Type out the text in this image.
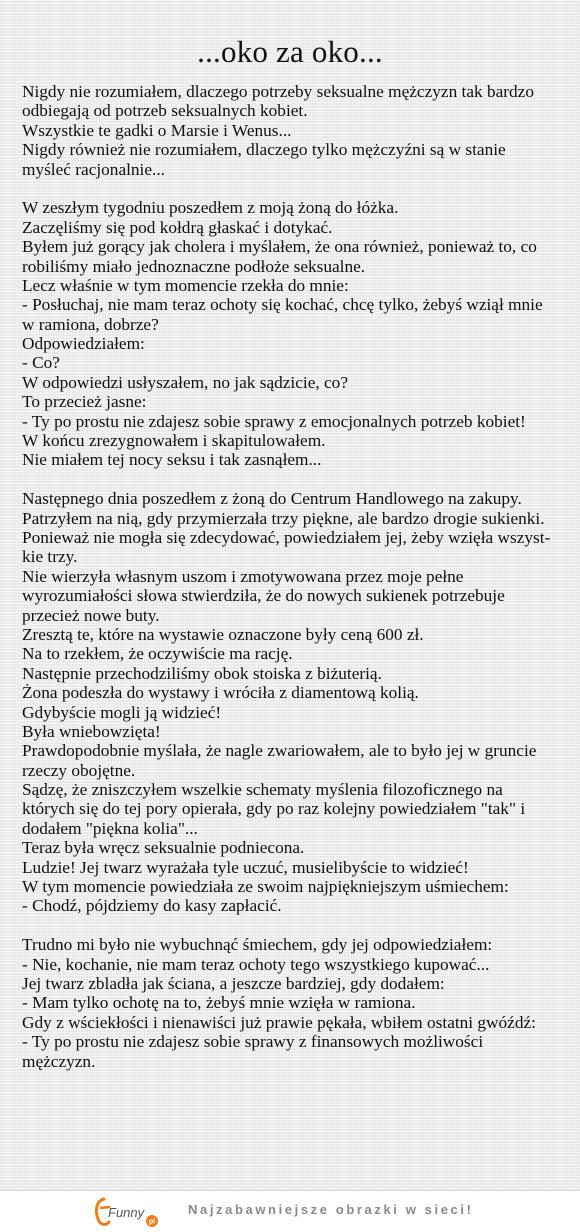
...oko za oko...
Nigdy nie rozumiałem, dlaczego potrzeby seksualne mężczyzn tak bardzo
odbiegają od potrzeb seksualnych kobiet.
Wszystkie te gadki o Marsie i Wenus...
Nigdy również nie rozumiałem, dlaczego tylko mężczyźni są w stanie
myśleć racjonalnie...
W zeszłym tygodniu poszedłem z moją żoną do łóżka.
Zaczęliśmy się pod kołdrą głaskać i dotykać.
Byłem już gorący jak cholera i myślałem, że ona również, ponieważ to, co
robiliśmy miało jednoznaczne podłoże seksualne.
Lecz właśnie w tym momencie rzekła do mnie:
- Posłuchaj, nie mam teraz ochoty się kochać, chcę tylko, żebyś wziął mnie
w ramiona, dobrze?
Odpowiedziałem:
- Co?
W odpowiedzi usłyszałem, no jak sądzicie, co?
To przecież jasne:
- Ty po prostu nie zdajesz sobie sprawy z emocjonalnych potrzeb kobiet!
W końcu zrezygnowałem i skapitulowałem.
Nie miałem tej nocy seksu i tak zasnąłem...
Następnego dnia poszedłem z żoną do Centrum Handlowego na zakupy.
Patrzyłem na nią, gdy przymierzała trzy piękne, ale bardzo drogie sukienki.
Ponieważ nie mogła się zdecydować, powiedziałem jej, żeby wzięła wszyst-
kie trzy.
Nie wierzyła własnym uszom i zmotywowana przez moje pełne
wyrozumiałości słowa stwierdziła, że do nowych sukienek potrzebuje
przecież nowe buty.
Zresztą te, które na wystawie oznaczone były ceną 600 zł.
Na to rzekłem, że oczywiście ma rację.
Następnie przechodziliśmy obok stoiska z biżuterią.
Żona podeszła do wystawy i wróciła z diamentową kolią.
Gdybyście mogli ją widzieć!
Była wniebowzięta!
Prawdopodobnie myślała, że nagle zwariowałem, ale to było jej w gruncie
rzeczy obojętne.
Sądzę, że zniszczyłem wszelkie schematy myślenia filozoficznego na
których się do tej pory opierała, gdy po raz kolejny powiedziałem "tak" i
dodałem "piękna kolia"...
Teraz była wręcz seksualnie podniecona.
Ludzie! Jej twarz wyrażała tyle uczuć, musielibyście to widzieć!
W tym momencie powiedziała ze swoim najpiękniejszym uśmiechem:
- Chodź, pójdziemy do kasy zapłacić.
Trudno mi było nie wybuchnąć śmiechem, gdy jej odpowiedziałem:
- Nie, kochanie, nie mam teraz ochoty tego wszystkiego kupować...
Jej twarz zbladła jak ściana, a jeszcze bardziej, gdy dodałem:
- Mam tylko ochotę na to, żebyś mnie wzięła w ramiona.
Gdy z wściekłości i nienawiści już prawie pękała, wbiłem ostatni gwóźdź:
- Ty po prostu nie zdajesz sobie sprawy z finansowych możliwości
mężczyzn.
Funny
pl
Najzabawniejsze obrazki w sieci!
